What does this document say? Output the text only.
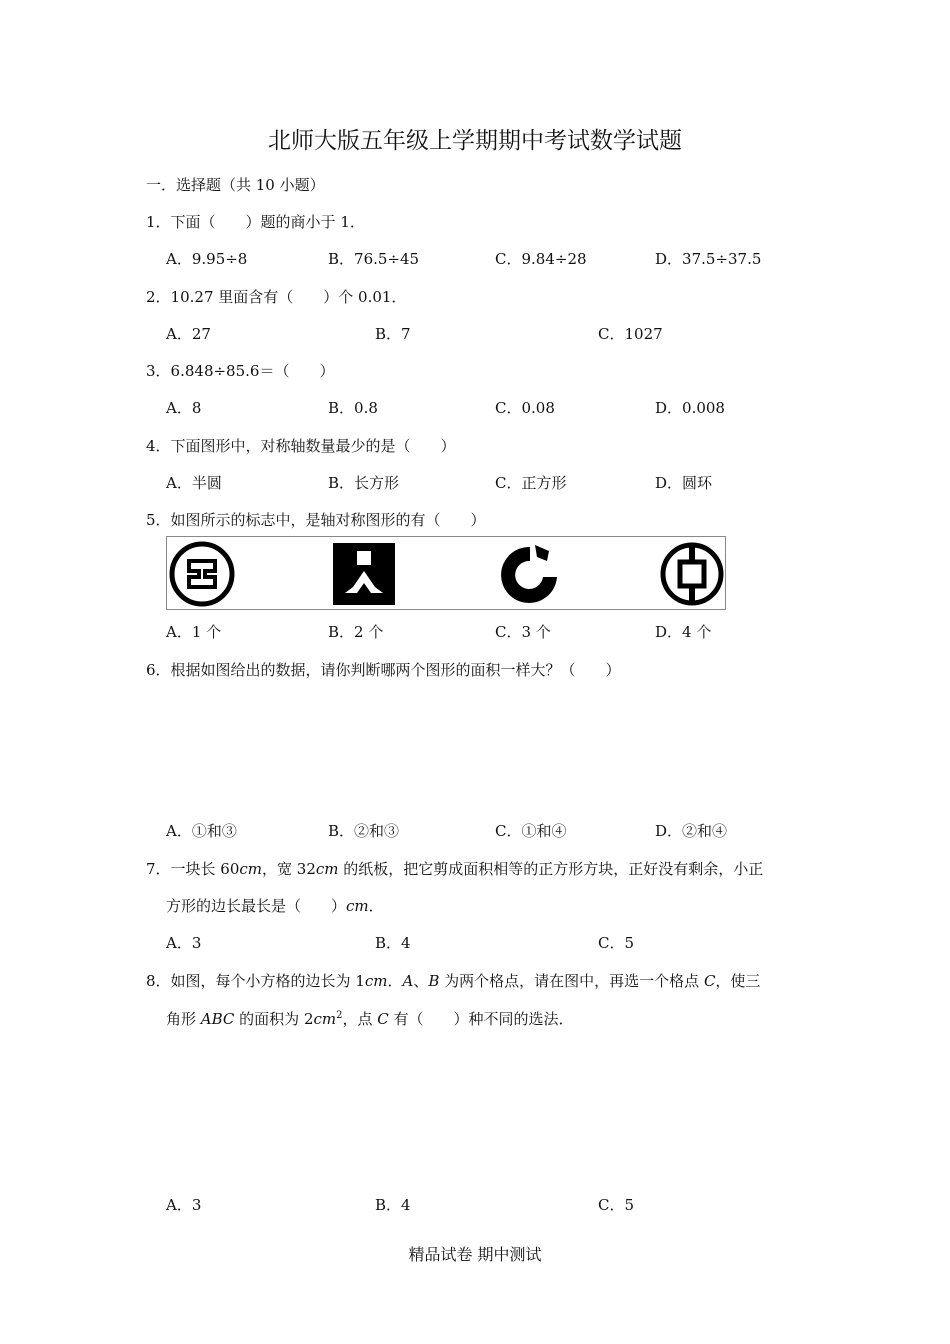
北师大版五年级上学期期中考试数学试题
一．选择题（共 10 小题）
1．下面（　　）题的商小于 1．
A．9.95÷8	B．76.5÷45	C．9.84÷28	D．37.5÷37.5
2．10.27 里面含有（　　）个 0.01．
A．27	B．7	C．1027
3．6.848÷85.6＝（　　）
A．8	B．0.8	C．0.08	D．0.008
4．下面图形中，对称轴数量最少的是（　　）
A．半圆	B．长方形	C．正方形	D．圆环
5．如图所示的标志中，是轴对称图形的有（　　）
A．1 个	B．2 个	C．3 个	D．4 个
6．根据如图给出的数据，请你判断哪两个图形的面积一样大？（　　）
A．①和③	B．②和③	C．①和④	D．②和④
7．一块长 60cm，宽 32cm 的纸板，把它剪成面积相等的正方形方块，正好没有剩余，小正
方形的边长最长是（　　）cm．
A．3	B．4	C．5
8．如图，每个小方格的边长为 1cm．A、B 为两个格点，请在图中，再选一个格点 C，使三
角形 ABC 的面积为 $2cm^2$，点 C 有（　　）种不同的选法．
A．3	B．4	C．5
精品试卷 期中测试
